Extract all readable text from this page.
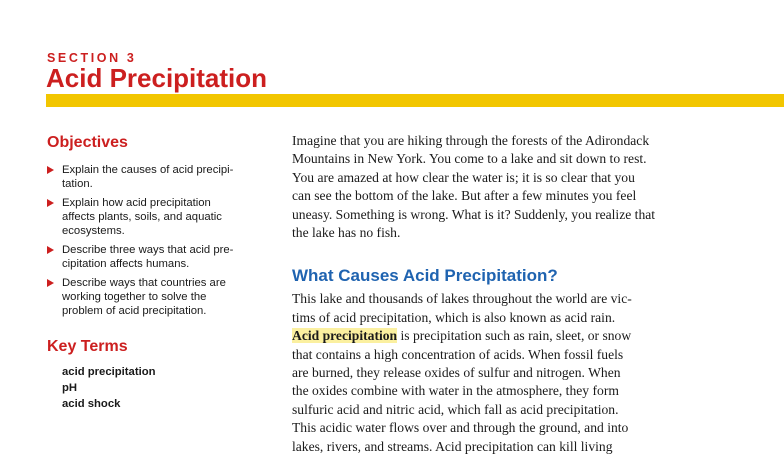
SECTION 3
Acid Precipitation
Objectives
Explain the causes of acid precipi-
tation.
Explain how acid precipitation
affects plants, soils, and aquatic
ecosystems.
Describe three ways that acid pre-
cipitation affects humans.
Describe ways that countries are
working together to solve the
problem of acid precipitation.
Key Terms
acid precipitation
pH
acid shock

Imagine that you are hiking through the forests of the Adirondack
Mountains in New York. You come to a lake and sit down to rest.
You are amazed at how clear the water is; it is so clear that you
can see the bottom of the lake. But after a few minutes you feel
uneasy. Something is wrong. What is it? Suddenly, you realize that
the lake has no fish.

What Causes Acid Precipitation?

This lake and thousands of lakes throughout the world are vic-
tims of acid precipitation, which is also known as acid rain.
Acid precipitation is precipitation such as rain, sleet, or snow
that contains a high concentration of acids. When fossil fuels
are burned, they release oxides of sulfur and nitrogen. When
the oxides combine with water in the atmosphere, they form
sulfuric acid and nitric acid, which fall as acid precipitation.
This acidic water flows over and through the ground, and into
lakes, rivers, and streams. Acid precipitation can kill living
